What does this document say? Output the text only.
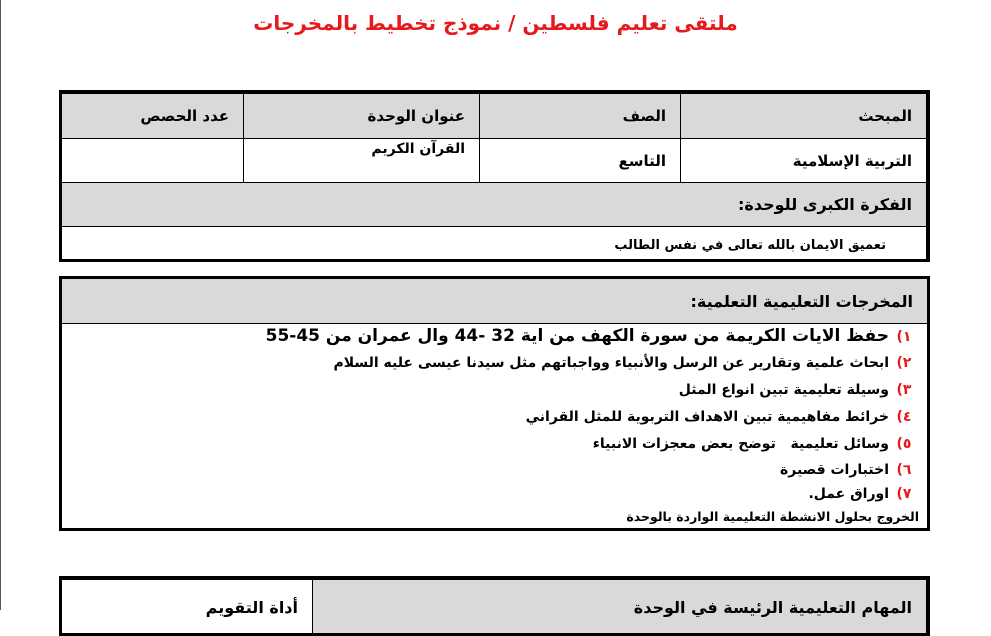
ملتقى تعليم فلسطين / نموذج تخطيط بالمخرجات
المبحث	الصف	عنوان الوحدة	عدد الحصص
التربية الإسلامية	التاسع	القرآن الكريم	
الفكرة الكبرى للوحدة:			
تعميق الايمان بالله تعالى في نفس الطالب			
المخرجات التعليمية التعلمية:
١)حفظ الايات الكريمة من سورة الكهف من اية 32 -44 وال عمران من 45-55
٢)ابحاث علمية وتقارير عن الرسل والأنبياء وواجباتهم مثل سيدنا عيسى عليه السلام
٣)وسيلة تعليمية تبين انواع المثل
٤)خرائط مفاهيمية تبين الاهداف التربوية للمثل القراني
٥)وسائل تعليمية   توضح بعض معجزات الانبياء
٦)اختبارات قصيرة
٧)اوراق عمل.
الخروج بحلول الانشطة التعليمية الواردة بالوحدة
المهام التعليمية الرئيسة في الوحدة	أداة التقويم
